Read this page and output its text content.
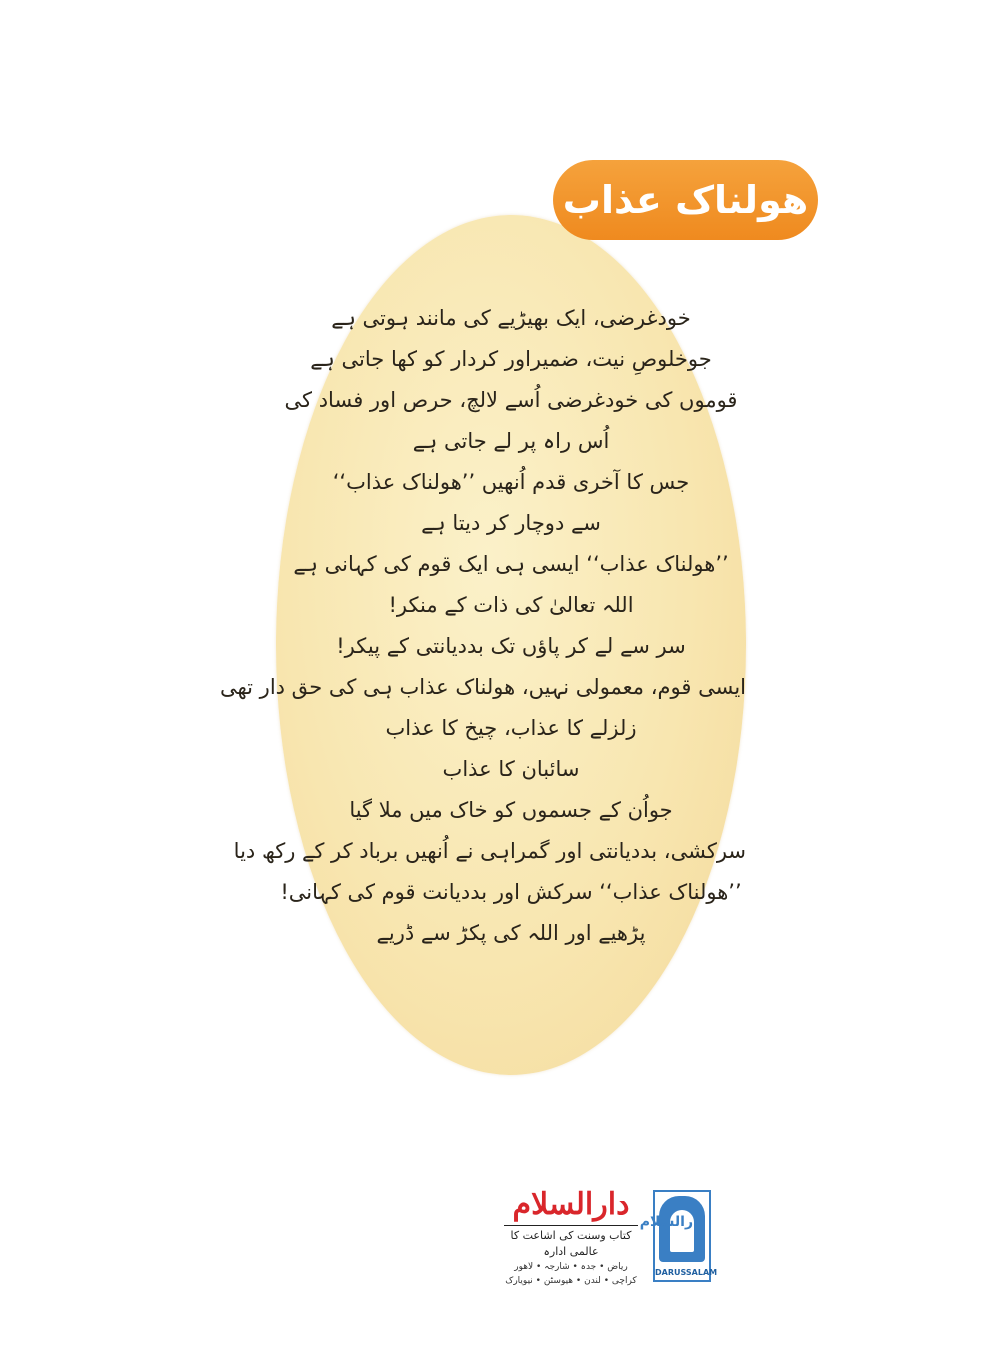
ھولناک عذاب
خودغرضی، ایک بھیڑیے کی مانند ہوتی ہے
جوخلوصِ نیت، ضمیراور کردار کو کھا جاتی ہے
قوموں کی خودغرضی اُسے لالچ، حرص اور فساد کی
اُس راہ پر لے جاتی ہے
جس کا آخری قدم اُنھیں ’’ھولناک عذاب‘‘
سے دوچار کر دیتا ہے
’’ھولناک عذاب‘‘ ایسی ہی ایک قوم کی کہانی ہے
اللہ تعالیٰ کی ذات کے منکر!
سر سے لے کر پاؤں تک بددیانتی کے پیکر!
ایسی قوم، معمولی نہیں، ھولناک عذاب ہی کی حق دار تھی
زلزلے کا عذاب، چیخ کا عذاب
سائبان کا عذاب
جواُن کے جسموں کو خاک میں ملا گیا
سرکشی، بددیانتی اور گمراہی نے اُنھیں برباد کر کے رکھ دیا
’’ھولناک عذاب‘‘ سرکش اور بددیانت قوم کی کہانی!
پڑھیے اور اللہ کی پکڑ سے ڈریے
دارالسلام
کتاب وسنت کی اشاعت کا عالمی ادارہ
ریاض • جدہ • شارجہ • لاھور
کراچی • لندن • ھیوسٹن • نیویارک
دارالسلام
DARUSSALAM
